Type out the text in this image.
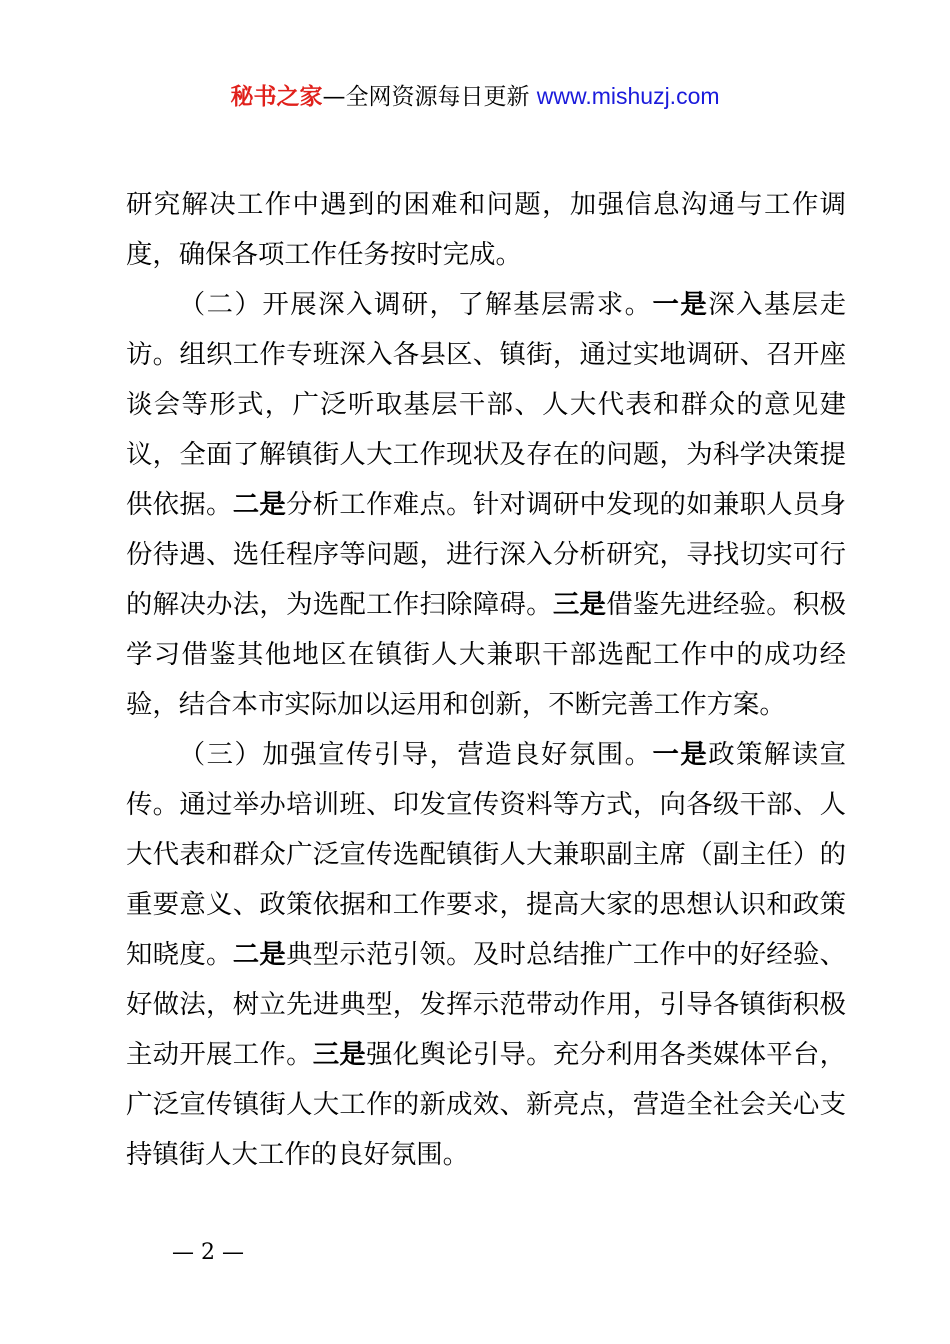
秘书之家—全网资源每日更新 www.mishuzj.com

研究解决工作中遇到的困难和问题，加强信息沟通与工作调度，确保各项工作任务按时完成。

（二）开展深入调研，了解基层需求。一是深入基层走访。组织工作专班深入各县区、镇街，通过实地调研、召开座谈会等形式，广泛听取基层干部、人大代表和群众的意见建议，全面了解镇街人大工作现状及存在的问题，为科学决策提供依据。二是分析工作难点。针对调研中发现的如兼职人员身份待遇、选任程序等问题，进行深入分析研究，寻找切实可行的解决办法，为选配工作扫除障碍。三是借鉴先进经验。积极学习借鉴其他地区在镇街人大兼职干部选配工作中的成功经验，结合本市实际加以运用和创新，不断完善工作方案。

（三）加强宣传引导，营造良好氛围。一是政策解读宣传。通过举办培训班、印发宣传资料等方式，向各级干部、人大代表和群众广泛宣传选配镇街人大兼职副主席（副主任）的重要意义、政策依据和工作要求，提高大家的思想认识和政策知晓度。二是典型示范引领。及时总结推广工作中的好经验、好做法，树立先进典型，发挥示范带动作用，引导各镇街积极主动开展工作。三是强化舆论引导。充分利用各类媒体平台，广泛宣传镇街人大工作的新成效、新亮点，营造全社会关心支持镇街人大工作的良好氛围。

— 2 —
